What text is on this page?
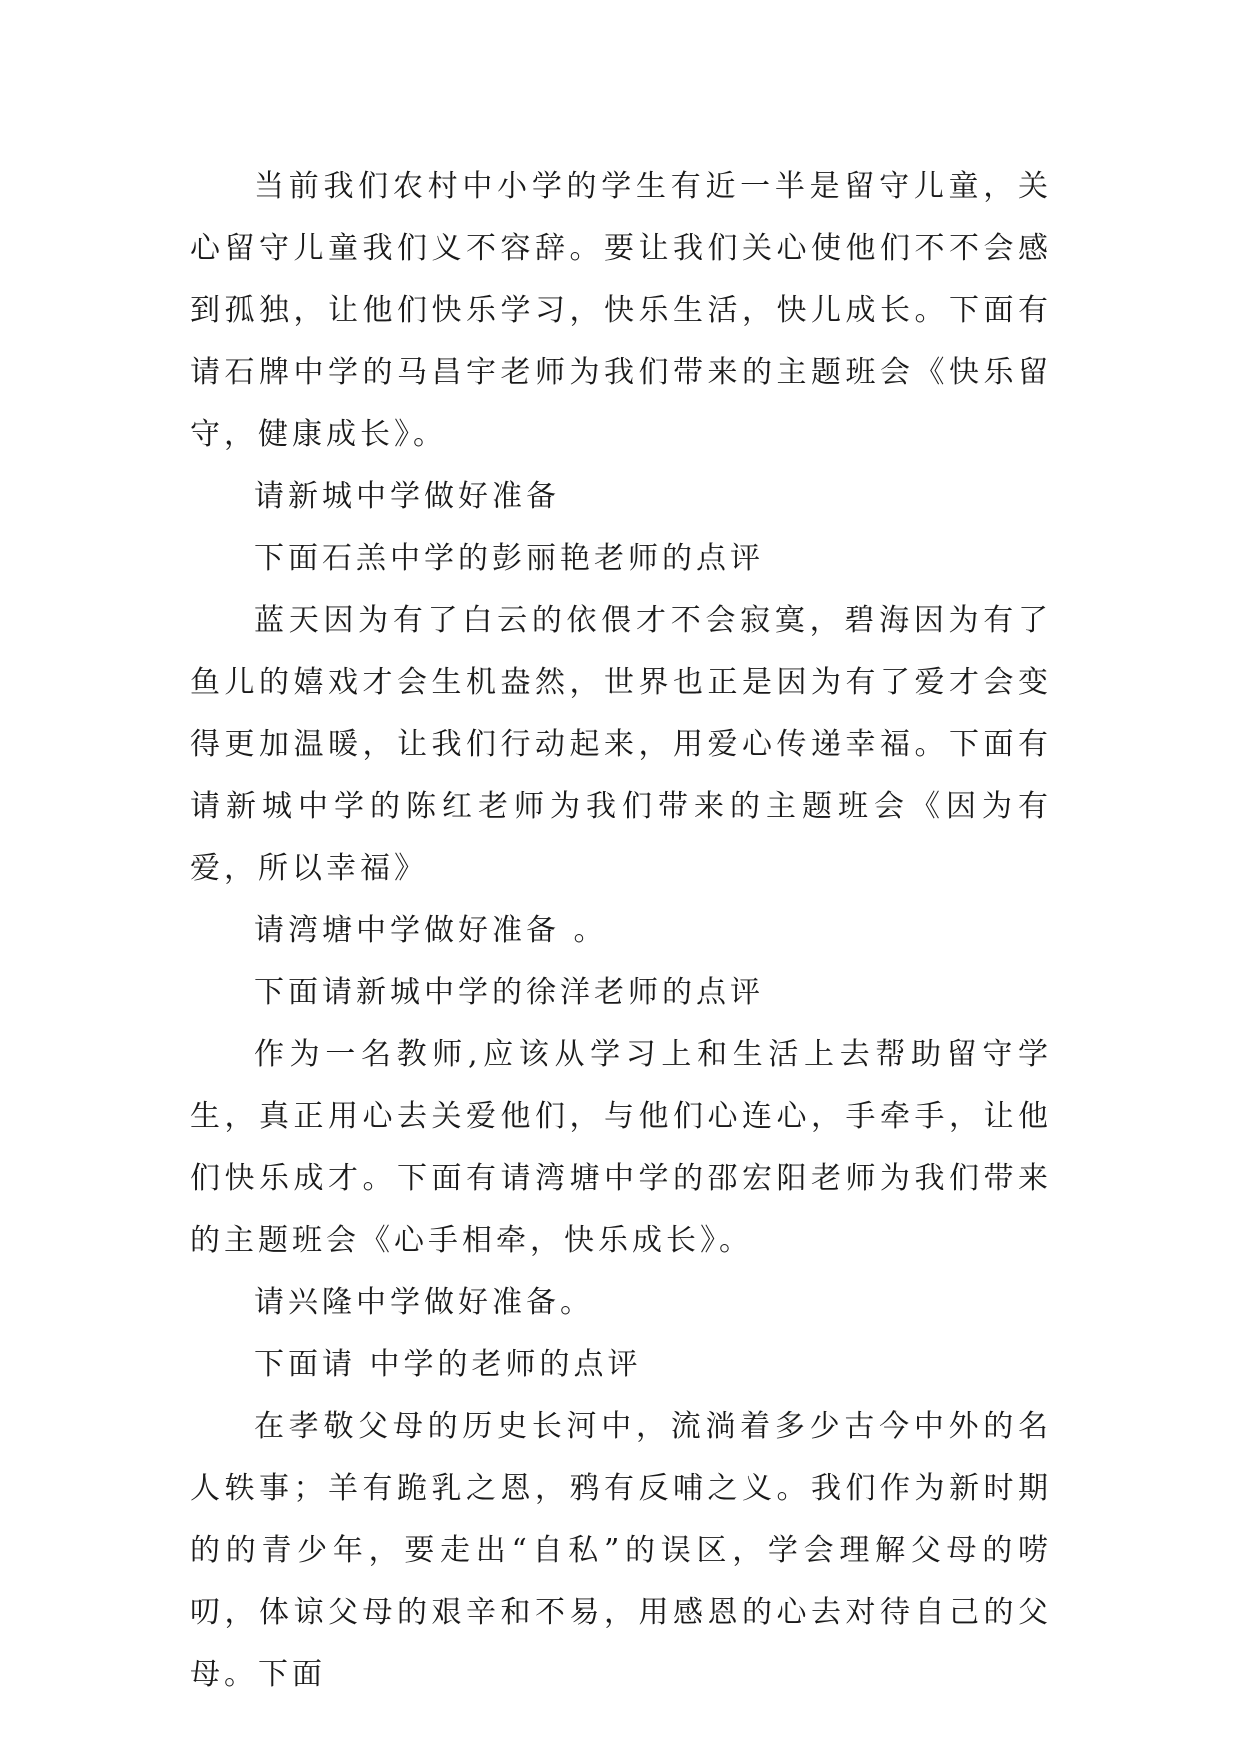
当前我们农村中小学的学生有近一半是留守儿童，关心留守儿童我们义不容辞。要让我们关心使他们不不会感到孤独，让他们快乐学习，快乐生活，快儿成长。下面有请石牌中学的马昌宇老师为我们带来的主题班会《快乐留守，健康成长》。

请新城中学做好准备

下面石羔中学的彭丽艳老师的点评

蓝天因为有了白云的依偎才不会寂寞，碧海因为有了鱼儿的嬉戏才会生机盎然，世界也正是因为有了爱才会变得更加温暖，让我们行动起来，用爱心传递幸福。下面有请新城中学的陈红老师为我们带来的主题班会《因为有爱，所以幸福》

请湾塘中学做好准备 。

下面请新城中学的徐洋老师的点评

作为一名教师,应该从学习上和生活上去帮助留守学生，真正用心去关爱他们，与他们心连心，手牵手，让他们快乐成才。下面有请湾塘中学的邵宏阳老师为我们带来的主题班会《心手相牵，快乐成长》。

请兴隆中学做好准备。

下面请 中学的老师的点评

在孝敬父母的历史长河中，流淌着多少古今中外的名人轶事；羊有跪乳之恩，鸦有反哺之义。我们作为新时期的的青少年，要走出“自私”的误区，学会理解父母的唠叨，体谅父母的艰辛和不易，用感恩的心去对待自己的父母。下面
